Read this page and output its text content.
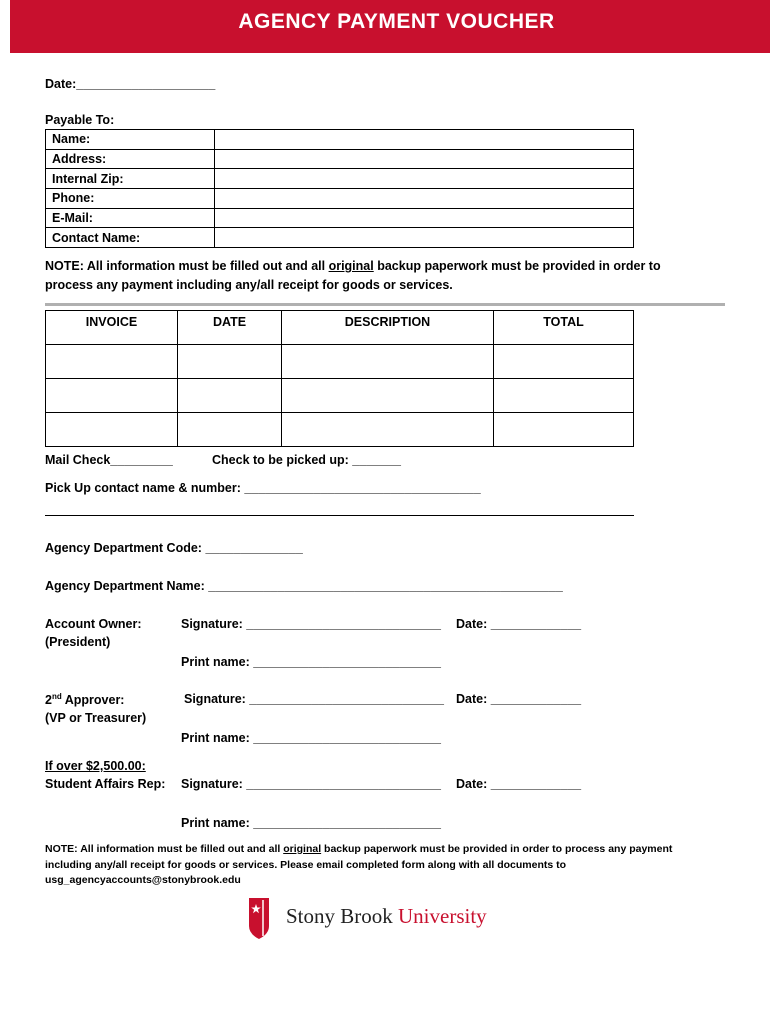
AGENCY PAYMENT VOUCHER
Date:____________________
Payable To:
Name:	
Address:	
Internal Zip:	
Phone:	
E-Mail:	
Contact Name:	
NOTE: All information must be filled out and all original backup paperwork must be provided in order to
process any payment including any/all receipt for goods or services.
INVOICE	DATE	DESCRIPTION	TOTAL

Mail Check_________	Check to be picked up: _______
Pick Up contact name & number: __________________________________
Agency Department Code: ______________
Agency Department Name: ___________________________________________________
Account Owner:
(President)
Signature: ____________________________ Date: _____________
Print name: ___________________________
2nd Approver:
(VP or Treasurer)
Signature: ____________________________ Date: _____________
Print name: ___________________________
If over $2,500.00:
Student Affairs Rep: Signature: ____________________________ Date: _____________
Print name: ___________________________
NOTE: All information must be filled out and all original backup paperwork must be provided in order to process any payment
including any/all receipt for goods or services. Please email completed form along with all documents to
usg_agencyaccounts@stonybrook.edu
Stony Brook University
